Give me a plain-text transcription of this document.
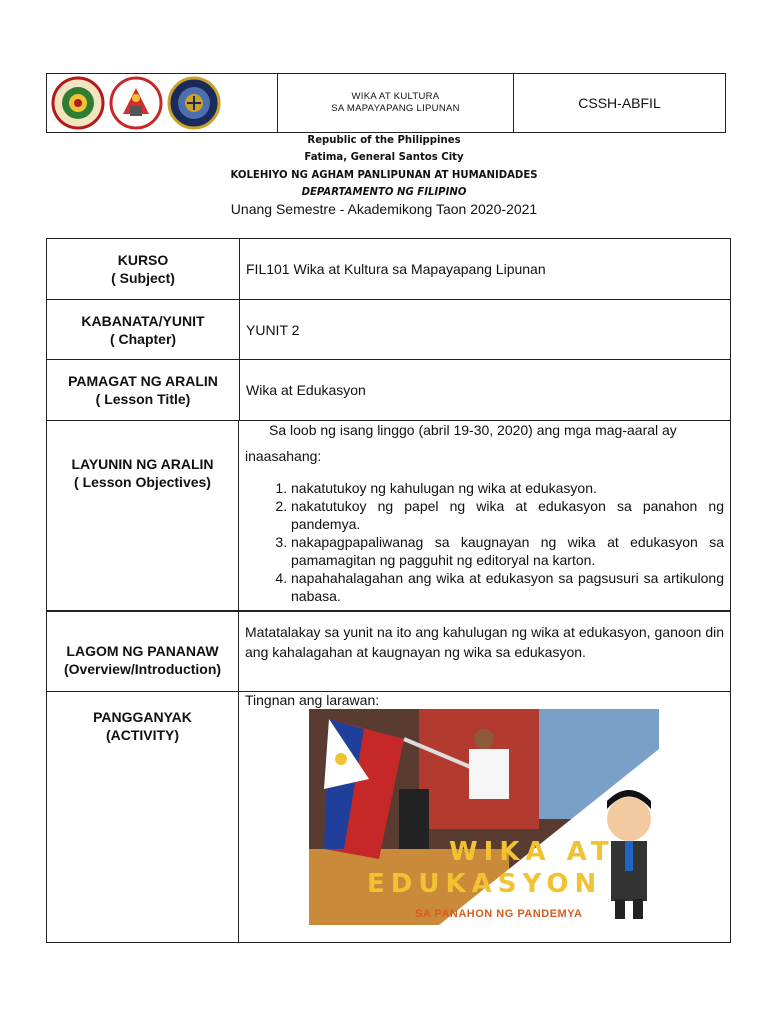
WIKA AT KULTURA
SA MAPAYAPANG LIPUNAN	CSSH-ABFIL
Republic of the Philippines
Fatima, General Santos City
KOLEHIYO NG AGHAM PANLIPUNAN AT HUMANIDADES
DEPARTAMENTO NG FILIPINO
Unang Semestre - Akademikong Taon 2020-2021
KURSO
( Subject)
FIL101 Wika at Kultura sa Mapayapang Lipunan
KABANATA/YUNIT
( Chapter)
YUNIT 2
PAMAGAT NG ARALIN
( Lesson Title)
Wika at Edukasyon
LAYUNIN NG ARALIN
( Lesson Objectives)
Sa loob ng isang linggo (abril 19-30, 2020) ang mga mag-aaral ay
inaasahang:
1. nakatutukoy ng kahulugan ng wika at edukasyon.
2. nakatutukoy ng papel ng wika at edukasyon sa panahon ng pandemya.
3. nakapagpapaliwanag sa kaugnayan ng wika at edukasyon sa pamamagitan ng pagguhit ng editoryal na karton.
4. napahahalagahan ang wika at edukasyon sa pagsusuri sa artikulong nabasa.
LAGOM NG PANANAW
(Overview/Introduction)
Matatalakay sa yunit na ito ang kahulugan ng wika at edukasyon, ganoon din ang kahalagahan at kaugnayan ng wika sa edukasyon.
PANGGANYAK
(ACTIVITY)
Tingnan ang larawan:
WIKA AT
EDUKASYON
SA PANAHON NG PANDEMYA
